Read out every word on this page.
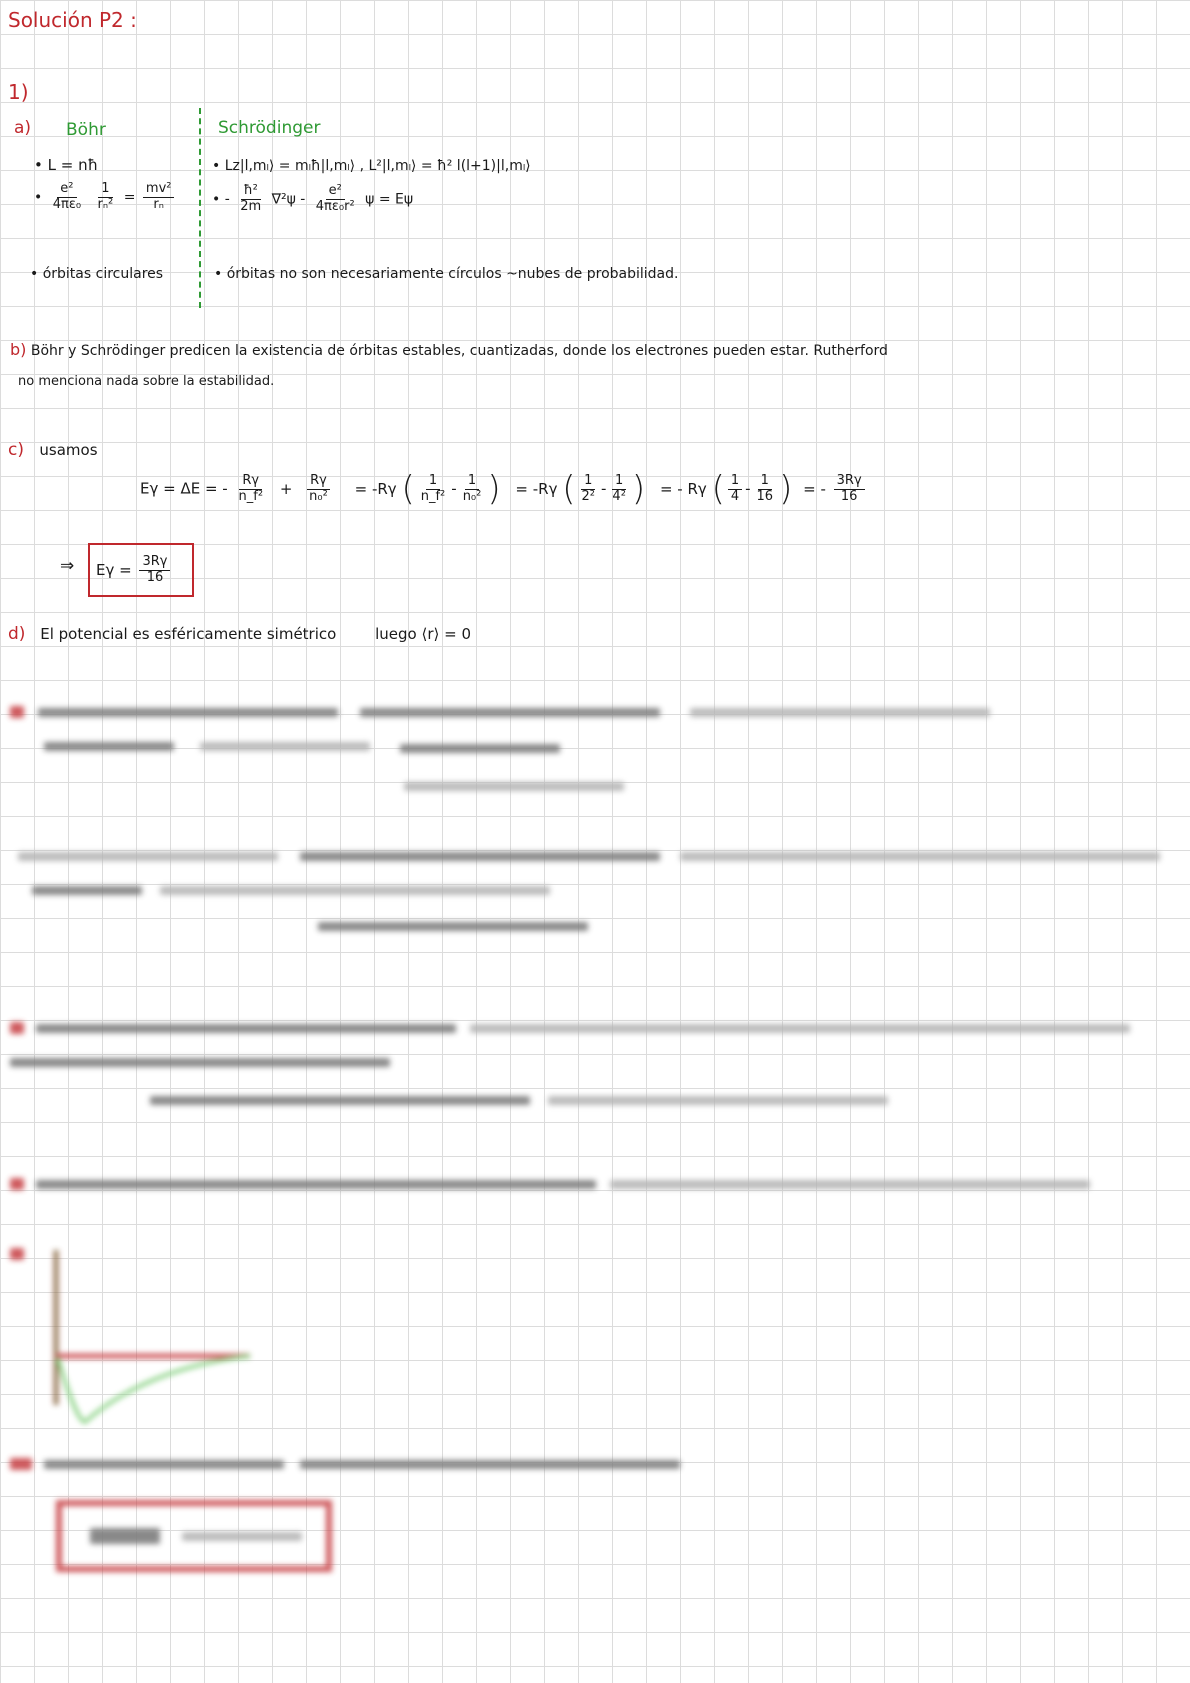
Solución P2 :
1)
a) Böhr	Schrödinger
• L = nħ
• $\frac{\text{e²}}{\text{4πε₀}}$
$\frac{1}{\text{rₙ²}} = \frac{\text{mv²}}{\text{rₙ}}$
• órbitas circulares
• Lz|l,mₗ⟩ = mₗħ|l,mₗ⟩ , L²|l,mₗ⟩ = ħ² l(l+1)|l,mₗ⟩
• - $\frac{\text{ħ²}}{2m} \nabla^2\psi - \frac{\text{e²}}{\text{4πε₀r²}}$ ψ = Eψ
• órbitas no son necesariamente círculos ~nubes de probabilidad.
b) Böhr y Schrödinger predicen la existencia de órbitas estables, cuantizadas, donde los electrones pueden estar. Rutherford
no menciona nada sobre la estabilidad.
c) usamos
Eγ = ΔE = - $\frac{R\gamma}{\text{n\_f²}} + \frac{R\gamma}{\text{n₀²}} = -R\gamma$ ( $\frac{1}{\text{n\_f²}} - \frac{1}{\text{n₀²}}$ ) = -Rγ ( $\frac{1}{\text{2²}} - \frac{1}{\text{4²}}$ ) = - Rγ ( $\frac{1}{4} - \frac{1}{16}$ ) = - $\frac{3R\gamma}{16}$
⇒ $E\gamma = \frac{3R\gamma}{16}$
d) El potencial es esféricamente simétrico	luego ⟨r⟩ = 0
